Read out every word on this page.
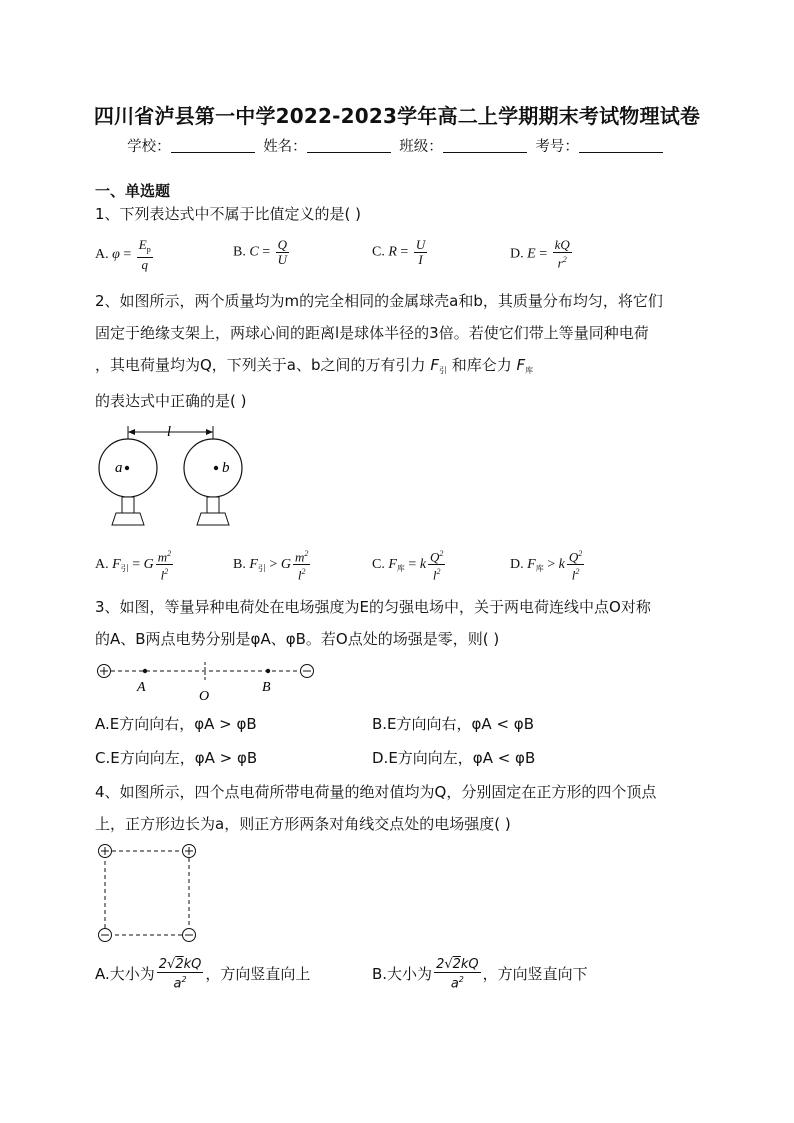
四川省泸县第一中学2022-2023学年高二上学期期末考试物理试卷
学校：	姓名：	班级：	考号：
一、单选题
1、下列表达式中不属于比值定义的是( )
A. $\varphi = \frac{E_p}{q}$	B. $C = \frac{Q}{U}$	C. $R = \frac{U}{I}$	D. $E = \frac{kQ}{r^2}$
2、如图所示，两个质量均为m的完全相同的金属球壳a和b，其质量分布均匀，将它们
固定于绝缘支架上，两球心间的距离l是球体半径的3倍。若使它们带上等量同种电荷
，其电荷量均为Q，下列关于a、b之间的万有引力 $F_引$ 和库仑力 $F_库$
的表达式中正确的是( )
l
a	b
A. $F_引 = G \frac{m^2}{l^2}$	B. $F_引 > G \frac{m^2}{l^2}$	C. $F_库 = k \frac{Q^2}{l^2}$	D. $F_库 > k \frac{Q^2}{l^2}$
3、如图，等量异种电荷处在电场强度为E的匀强电场中，关于两电荷连线中点O对称
的A、B两点电势分别是φA、φB。若O点处的场强是零，则( )
A
O
B
A.E方向向右，φA > φB	B.E方向向右，φA < φB
C.E方向向左，φA > φB	D.E方向向左，φA < φB
4、如图所示，四个点电荷所带电荷量的绝对值均为Q，分别固定在正方形的四个顶点
上，正方形边长为a，则正方形两条对角线交点处的电场强度( )
A.大小为 $\frac{2√2kQ}{a^2}$ ，方向竖直向上	B.大小为 $\frac{2√2kQ}{a^2}$ ，方向竖直向下
